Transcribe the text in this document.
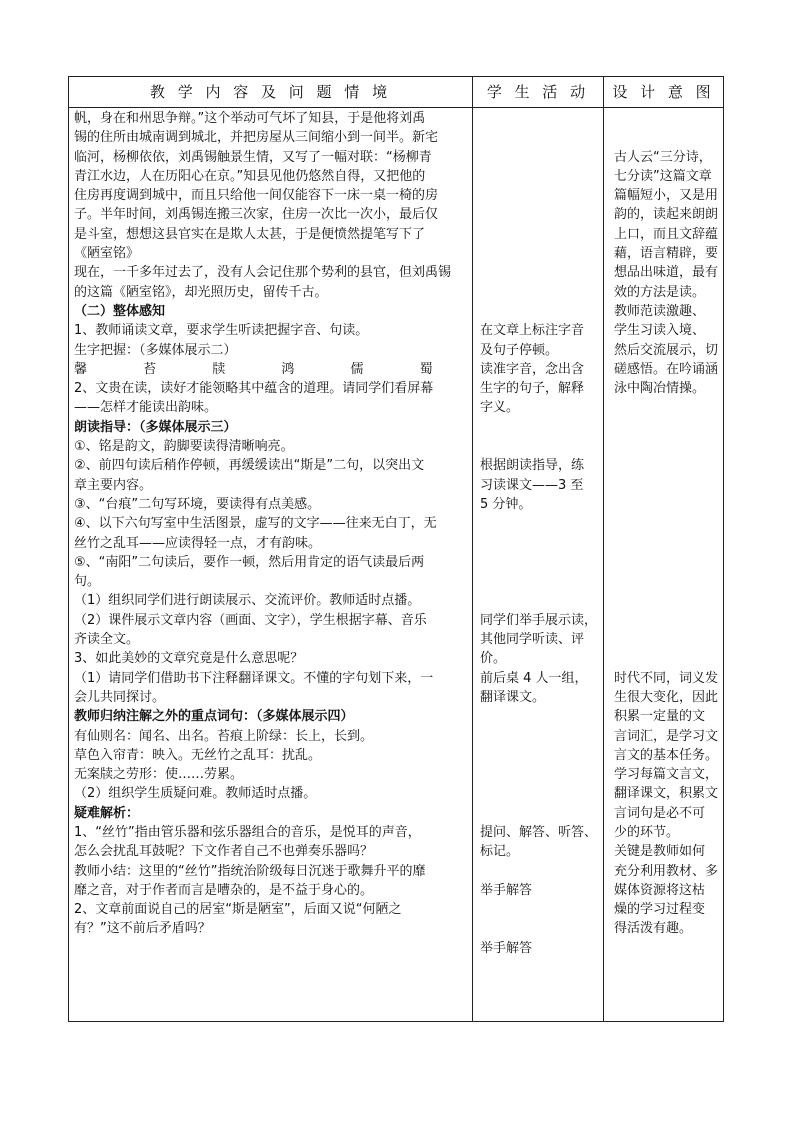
教 学 内 容 及 问 题 情 境	学 生 活 动	设 计 意 图
帆，身在和州思争辩。”这个举动可气坏了知县，于是他将刘禹
锡的住所由城南调到城北，并把房屋从三间缩小到一间半。新宅
临河，杨柳依依，刘禹锡触景生情，又写了一幅对联：“杨柳青
青江水边，人在历阳心在京。”知县见他仍悠然自得，又把他的
住房再度调到城中，而且只给他一间仅能容下一床一桌一椅的房
子。半年时间，刘禹锡连搬三次家，住房一次比一次小，最后仅
是斗室，想想这县官实在是欺人太甚，于是便愤然提笔写下了
《陋室铭》
现在，一千多年过去了，没有人会记住那个势利的县官，但刘禹锡
的这篇《陋室铭》，却光照历史，留传千古。
（二）整体感知
1、教师诵读文章，要求学生听读把握字音、句读。
生字把握：（多媒体展示二）
馨 苔 牍 鸿 儒 蜀
2、文贵在读，读好才能领略其中蕴含的道理。请同学们看屏幕
——怎样才能读出韵味。
朗读指导：（多媒体展示三）
①、铭是韵文，韵脚要读得清晰响亮。
②、前四句读后稍作停顿，再缓缓读出“斯是”二句，以突出文
章主要内容。
③、“台痕”二句写环境，要读得有点美感。
④、以下六句写室中生活图景，虚写的文字——往来无白丁，无
丝竹之乱耳——应读得轻一点，才有韵味。
⑤、“南阳”二句读后，要作一顿，然后用肯定的语气读最后两
句。
（1）组织同学们进行朗读展示、交流评价。教师适时点播。
（2）课件展示文章内容（画面、文字），学生根据字幕、音乐
齐读全文。
3、如此美妙的文章究竟是什么意思呢？
（1）请同学们借助书下注释翻译课文。不懂的字句划下来，一
会儿共同探讨。
教师归纳注解之外的重点词句：（多媒体展示四）
有仙则名：闻名、出名。苔痕上阶绿：长上，长到。
草色入帘青：映入。无丝竹之乱耳：扰乱。
无案牍之劳形：使……劳累。
（2）组织学生质疑问难。教师适时点播。
疑难解析：
1、“丝竹”指由管乐器和弦乐器组合的音乐，是悦耳的声音，
怎么会扰乱耳鼓呢？下文作者自己不也弹奏乐器吗？
教师小结：这里的“丝竹”指统治阶级每日沉迷于歌舞升平的靡
靡之音，对于作者而言是嘈杂的，是不益于身心的。
2、文章前面说自己的居室“斯是陋室”，后面又说“何陋之
有？”这不前后矛盾吗？
在文章上标注字音
及句子停顿。
读准字音，念出含
生字的句子，解释
字义。
根据朗读指导，练
习读课文——3 至
5 分钟。
同学们举手展示读，
其他同学听读、评
价。
前后桌 4 人一组，
翻译课文。
提问、解答、听答、
标记。
举手解答
举手解答
古人云“三分诗，
七分读”这篇文章
篇幅短小，又是用
韵的，读起来朗朗
上口，而且文辞蕴
藉，语言精辟，要
想品出味道，最有
效的方法是读。
教师范读激趣、
学生习读入境、
然后交流展示，切
磋感悟。在吟诵涵
泳中陶冶情操。
时代不同，词义发
生很大变化，因此
积累一定量的文
言词汇，是学习文
言文的基本任务。
学习每篇文言文，
翻译课文，积累文
言词句是必不可
少的环节。
关键是教师如何
充分利用教材、多
媒体资源将这枯
燥的学习过程变
得活泼有趣。
